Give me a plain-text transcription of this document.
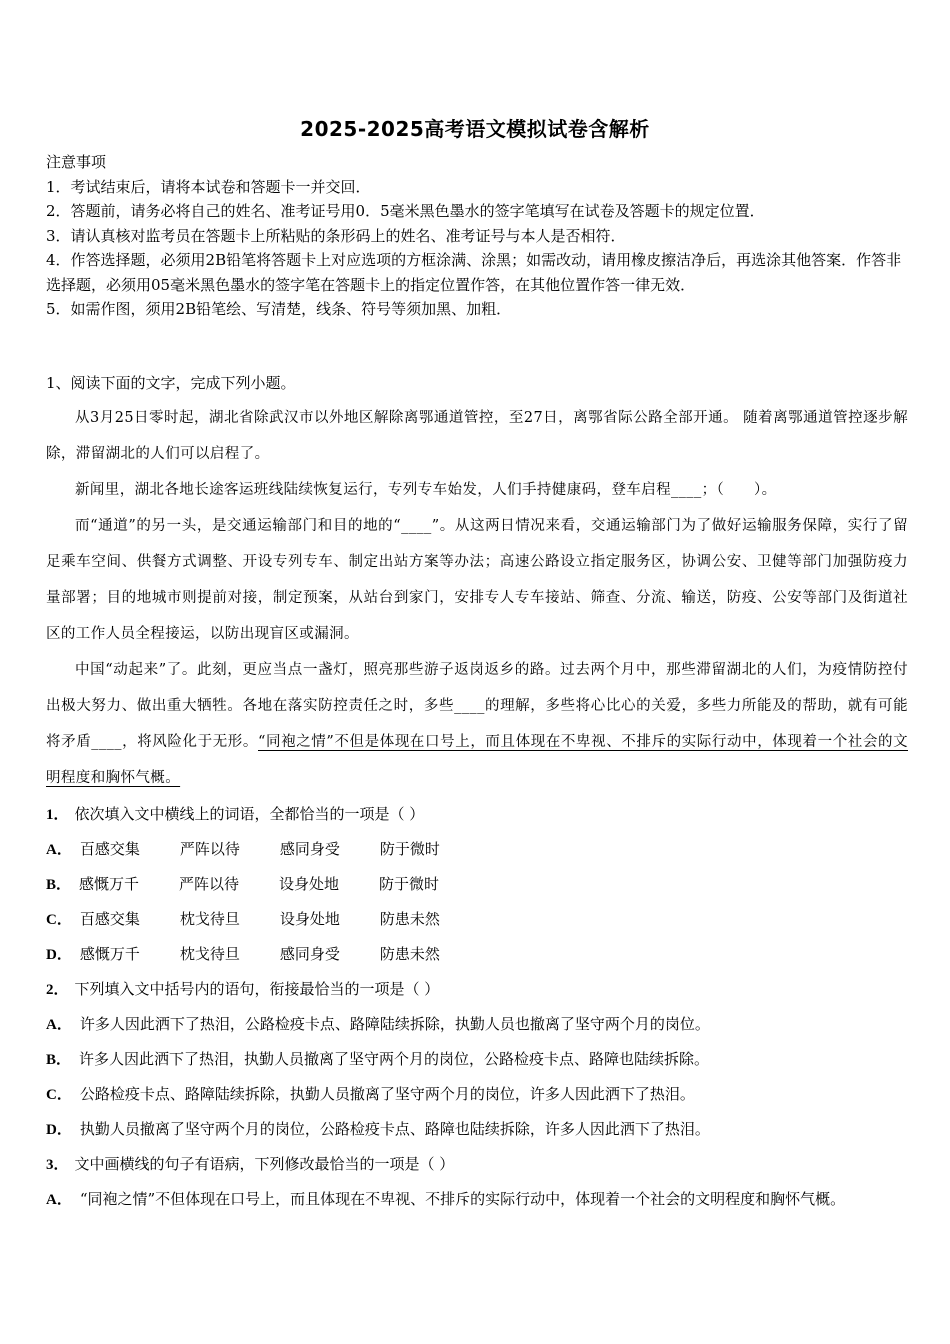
2025-2025高考语文模拟试卷含解析
注意事项
1．考试结束后，请将本试卷和答题卡一并交回．
2．答题前，请务必将自己的姓名、准考证号用0．5毫米黑色墨水的签字笔填写在试卷及答题卡的规定位置．
3．请认真核对监考员在答题卡上所粘贴的条形码上的姓名、准考证号与本人是否相符．
4．作答选择题，必须用2B铅笔将答题卡上对应选项的方框涂满、涂黑；如需改动，请用橡皮擦洁净后，再选涂其他答案．作答非选择题，必须用05毫米黑色墨水的签字笔在答题卡上的指定位置作答，在其他位置作答一律无效．
5．如需作图，须用2B铅笔绘、写清楚，线条、符号等须加黑、加粗．
1、阅读下面的文字，完成下列小题。
从3月25日零时起，湖北省除武汉市以外地区解除离鄂通道管控，至27日，离鄂省际公路全部开通。 随着离鄂通道管控逐步解除，滞留湖北的人们可以启程了。
新闻里，湖北各地长途客运班线陆续恢复运行，专列专车始发，人们手持健康码，登车启程____；（　　）。
而“通道”的另一头，是交通运输部门和目的地的“____”。从这两日情况来看，交通运输部门为了做好运输服务保障，实行了留足乘车空间、供餐方式调整、开设专列专车、制定出站方案等办法；高速公路设立指定服务区，协调公安、卫健等部门加强防疫力量部署；目的地城市则提前对接，制定预案，从站台到家门，安排专人专车接站、筛查、分流、输送，防疫、公安等部门及街道社区的工作人员全程接运，以防出现盲区或漏洞。
中国“动起来”了。此刻，更应当点一盏灯，照亮那些游子返岗返乡的路。过去两个月中，那些滞留湖北的人们，为疫情防控付出极大努力、做出重大牺牲。各地在落实防控责任之时，多些____的理解，多些将心比心的关爱，多些力所能及的帮助，就有可能将矛盾____，将风险化于无形。“同袍之情”不但是体现在口号上，而且体现在不卑视、不排斥的实际行动中，体现着一个社会的文明程度和胸怀气概。
1． 依次填入文中横线上的词语，全都恰当的一项是（ ）
A． 百感交集	严阵以待	感同身受	防于微时
B． 感慨万千	严阵以待	设身处地	防于微时
C． 百感交集	枕戈待旦	设身处地	防患未然
D． 感慨万千	枕戈待旦	感同身受	防患未然
2． 下列填入文中括号内的语句，衔接最恰当的一项是（ ）
A． 许多人因此洒下了热泪，公路检疫卡点、路障陆续拆除，执勤人员也撤离了坚守两个月的岗位。
B． 许多人因此洒下了热泪，执勤人员撤离了坚守两个月的岗位，公路检疫卡点、路障也陆续拆除。
C． 公路检疫卡点、路障陆续拆除，执勤人员撤离了坚守两个月的岗位，许多人因此洒下了热泪。
D． 执勤人员撤离了坚守两个月的岗位，公路检疫卡点、路障也陆续拆除，许多人因此洒下了热泪。
3． 文中画横线的句子有语病，下列修改最恰当的一项是（ ）
A． “同袍之情”不但体现在口号上，而且体现在不卑视、不排斥的实际行动中，体现着一个社会的文明程度和胸怀气概。
